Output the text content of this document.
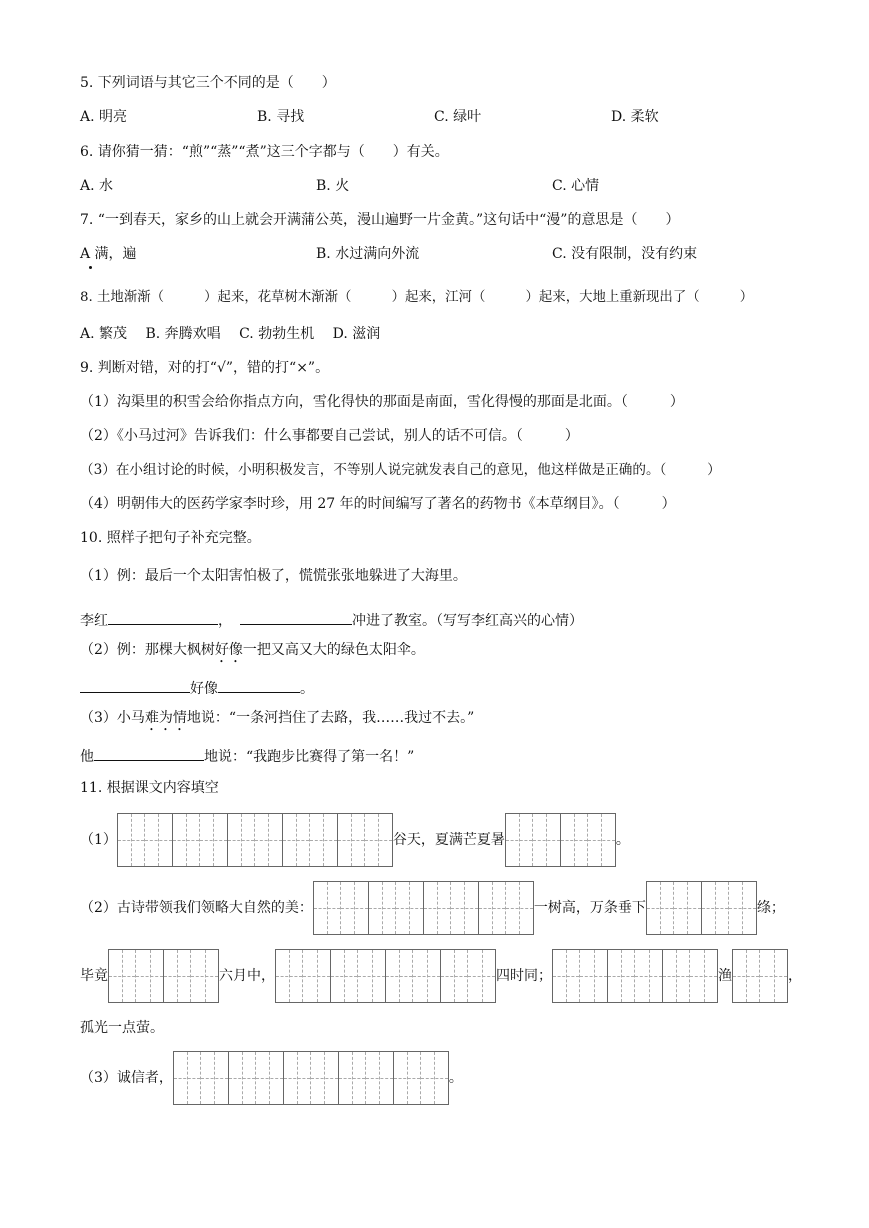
5. 下列词语与其它三个不同的是（　　）
A. 明亮	B. 寻找	C. 绿叶	D. 柔软
6. 请你猜一猜：“煎”“蒸”“煮”这三个字都与（　　）有关。
A. 水	B. 火	C. 心情
7. “一到春天，家乡的山上就会开满蒲公英，漫山遍野一片金黄。”这句话中“漫”的意思是（　　）
A 满，遍	B. 水过满向外流	C. 没有限制，没有约束
8. 土地渐渐（　　　）起来，花草树木渐渐（　　　）起来，江河（　　　）起来，大地上重新现出了（　　　）
A. 繁茂　 B. 奔腾欢唱　 C. 勃勃生机　 D. 滋润
9. 判断对错，对的打“√”，错的打“×”。
（1）沟渠里的积雪会给你指点方向，雪化得快的那面是南面，雪化得慢的那面是北面。（　　　）
（2）《小马过河》告诉我们：什么事都要自己尝试，别人的话不可信。（　　　）
（3）在小组讨论的时候，小明积极发言，不等别人说完就发表自己的意见，他这样做是正确的。（　　　）
（4）明朝伟大的医药学家李时珍，用 27 年的时间编写了著名的药物书《本草纲目》。（　　　）
10. 照样子把句子补充完整。
（1）例：最后一个太阳害怕极了，慌慌张张地躲进了大海里。
李红	，	冲进了教室。（写写李红高兴的心情）
（2）例：那棵大枫树好像一把又高又大的绿色太阳伞。
好像	。
（3）小马难为情地说：“一条河挡住了去路，我……我过不去。”
他	地说：“我跑步比赛得了第一名！”
11. 根据课文内容填空
（1）	谷天，夏满芒夏暑	。
（2）古诗带领我们领略大自然的美：	一树高，万条垂下	绦；
毕竟	六月中，	四时同；	渔	，
孤光一点萤。
（3）诚信者，	。
